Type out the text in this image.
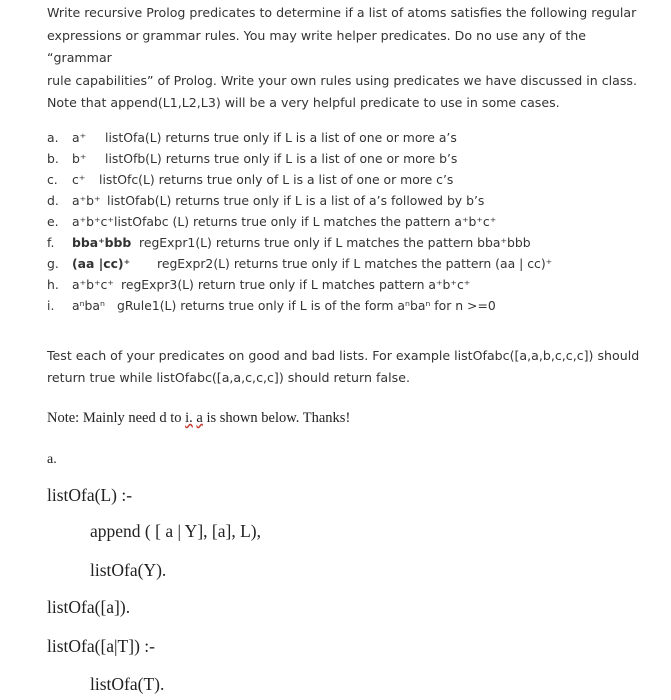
Write recursive Prolog predicates to determine if a list of atoms satisfies the following regular

expressions or grammar rules. You may write helper predicates. Do no use any of the “grammar

rule capabilities” of Prolog. Write your own rules using predicates we have discussed in class.

Note that append(L1,L2,L3) will be a very helpful predicate to use in some cases.

a.	a⁺ listOfa(L) returns true only if L is a list of one or more a’s
b.	b⁺ listOfb(L) returns true only if L is a list of one or more b’s
c.	c⁺ listOfc(L) returns true only of L is a list of one or more c’s
d.	a⁺b⁺ listOfab(L) returns true only if L is a list of a’s followed by b’s
e.	a⁺b⁺c⁺ listOfabc (L) returns true only if L matches the pattern a⁺b⁺c⁺
f.	bba⁺bbb regExpr1(L) returns true only if L matches the pattern bba⁺bbb
g.	(aa |cc)⁺ regExpr2(L) returns true only if L matches the pattern (aa | cc)⁺
h.	a⁺b⁺c⁺ regExpr3(L) return true only if L matches pattern a⁺b⁺c⁺
i.	aⁿbaⁿ gRule1(L) returns true only if L is of the form aⁿbaⁿ for n >=0

Test each of your predicates on good and bad lists. For example listOfabc([a,a,b,c,c,c]) should

return true while listOfabc([a,a,c,c,c]) should return false.

Note: Mainly need d to i. a is shown below. Thanks!
a.
listOfa(L) :-
append ( [ a | Y], [a], L),
listOfa(Y).
listOfa([a]).
listOfa([a|T]) :-
listOfa(T).
